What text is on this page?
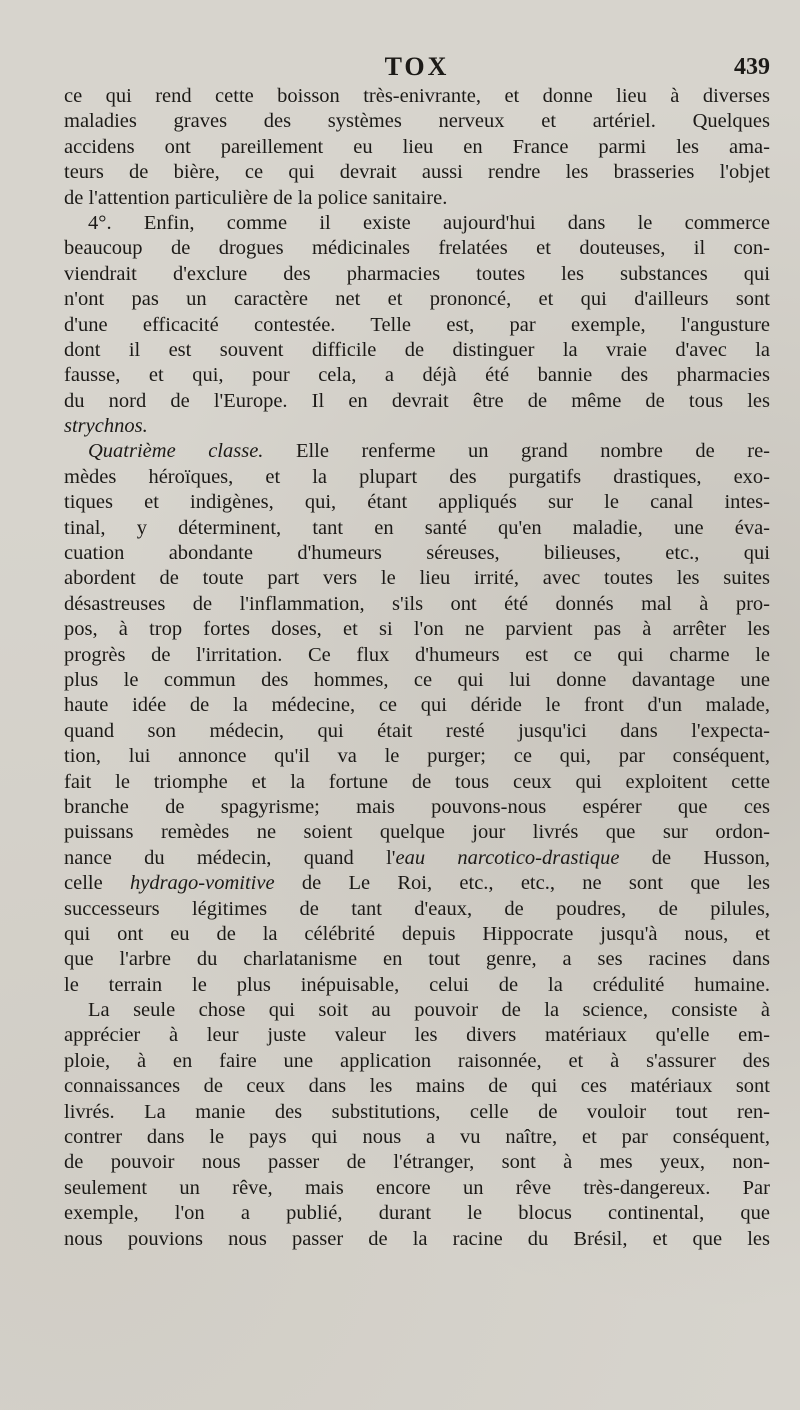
TOX	439
ce qui rend cette boisson très-enivrante, et donne lieu à diverses
maladies graves des systèmes nerveux et artériel. Quelques
accidens ont pareillement eu lieu en France parmi les ama-
teurs de bière, ce qui devrait aussi rendre les brasseries l'objet
de l'attention particulière de la police sanitaire.
4°. Enfin, comme il existe aujourd'hui dans le commerce
beaucoup de drogues médicinales frelatées et douteuses, il con-
viendrait d'exclure des pharmacies toutes les substances qui
n'ont pas un caractère net et prononcé, et qui d'ailleurs sont
d'une efficacité contestée. Telle est, par exemple, l'angusture
dont il est souvent difficile de distinguer la vraie d'avec la
fausse, et qui, pour cela, a déjà été bannie des pharmacies
du nord de l'Europe. Il en devrait être de même de tous les
strychnos.
Quatrième classe. Elle renferme un grand nombre de re-
mèdes héroïques, et la plupart des purgatifs drastiques, exo-
tiques et indigènes, qui, étant appliqués sur le canal intes-
tinal, y déterminent, tant en santé qu'en maladie, une éva-
cuation abondante d'humeurs séreuses, bilieuses, etc., qui
abordent de toute part vers le lieu irrité, avec toutes les suites
désastreuses de l'inflammation, s'ils ont été donnés mal à pro-
pos, à trop fortes doses, et si l'on ne parvient pas à arrêter les
progrès de l'irritation. Ce flux d'humeurs est ce qui charme le
plus le commun des hommes, ce qui lui donne davantage une
haute idée de la médecine, ce qui déride le front d'un malade,
quand son médecin, qui était resté jusqu'ici dans l'expecta-
tion, lui annonce qu'il va le purger; ce qui, par conséquent,
fait le triomphe et la fortune de tous ceux qui exploitent cette
branche de spagyrisme; mais pouvons-nous espérer que ces
puissans remèdes ne soient quelque jour livrés que sur ordon-
nance du médecin, quand l'eau narcotico-drastique de Husson,
celle hydrago-vomitive de Le Roi, etc., etc., ne sont que les
successeurs légitimes de tant d'eaux, de poudres, de pilules,
qui ont eu de la célébrité depuis Hippocrate jusqu'à nous, et
que l'arbre du charlatanisme en tout genre, a ses racines dans
le terrain le plus inépuisable, celui de la crédulité humaine.
La seule chose qui soit au pouvoir de la science, consiste à
apprécier à leur juste valeur les divers matériaux qu'elle em-
ploie, à en faire une application raisonnée, et à s'assurer des
connaissances de ceux dans les mains de qui ces matériaux sont
livrés. La manie des substitutions, celle de vouloir tout ren-
contrer dans le pays qui nous a vu naître, et par conséquent,
de pouvoir nous passer de l'étranger, sont à mes yeux, non-
seulement un rêve, mais encore un rêve très-dangereux. Par
exemple, l'on a publié, durant le blocus continental, que
nous pouvions nous passer de la racine du Brésil, et que les
